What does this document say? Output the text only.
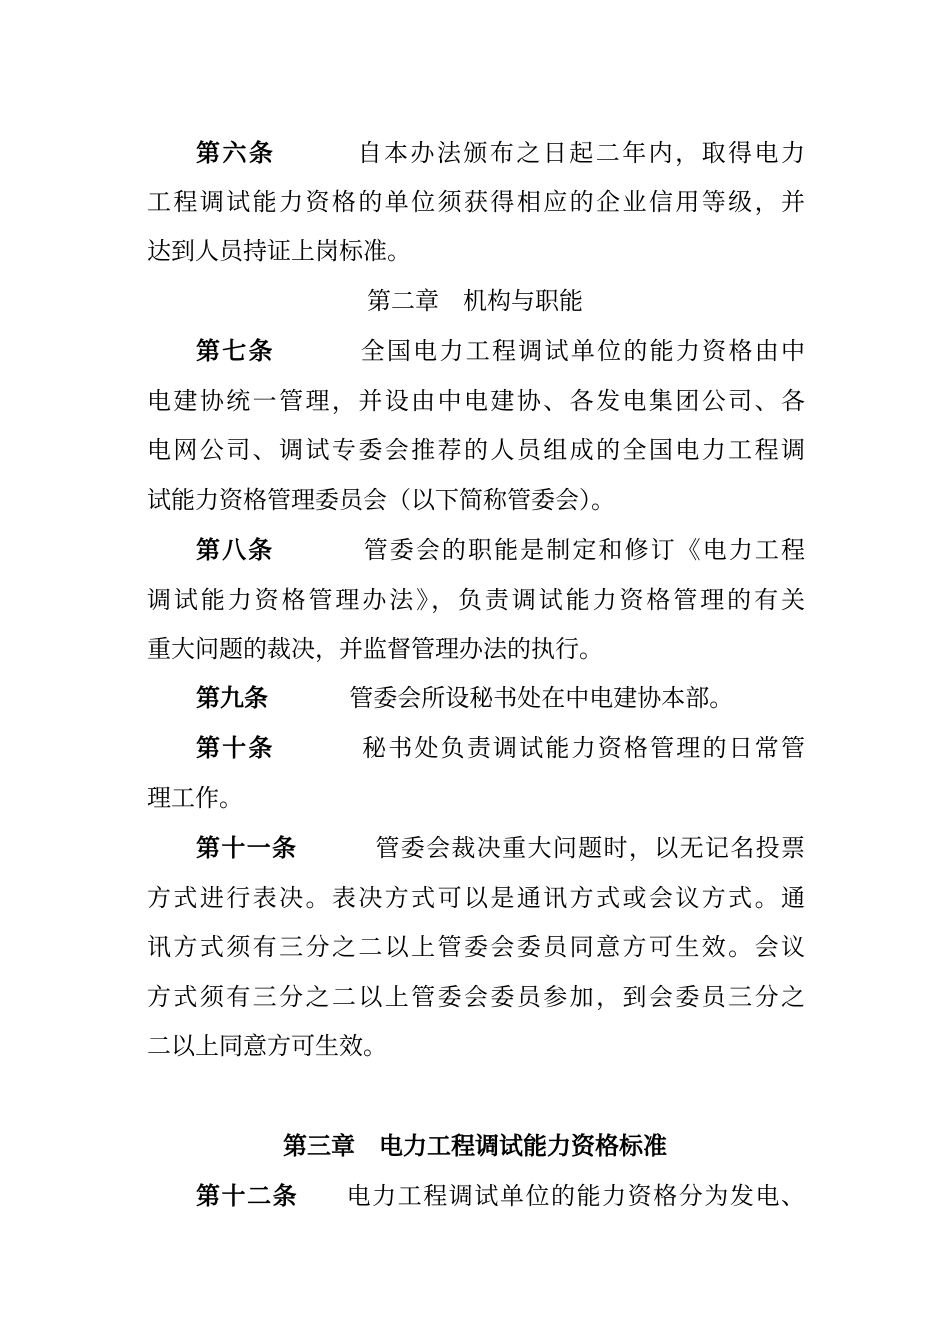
第六条	自本办法颁布之日起二年内，取得电力
工程调试能力资格的单位须获得相应的企业信用等级，并
达到人员持证上岗标准。
第二章　机构与职能
第七条	全国电力工程调试单位的能力资格由中
电建协统一管理，并设由中电建协、各发电集团公司、各
电网公司、调试专委会推荐的人员组成的全国电力工程调
试能力资格管理委员会（以下简称管委会）。
第八条	管委会的职能是制定和修订《电力工程
调试能力资格管理办法》，负责调试能力资格管理的有关
重大问题的裁决，并监督管理办法的执行。
第九条	管委会所设秘书处在中电建协本部。
第十条	秘书处负责调试能力资格管理的日常管
理工作。
第十一条	管委会裁决重大问题时，以无记名投票
方式进行表决。表决方式可以是通讯方式或会议方式。通
讯方式须有三分之二以上管委会委员同意方可生效。会议
方式须有三分之二以上管委会委员参加，到会委员三分之
二以上同意方可生效。
第三章　电力工程调试能力资格标准
第十二条 电力工程调试单位的能力资格分为发电、
